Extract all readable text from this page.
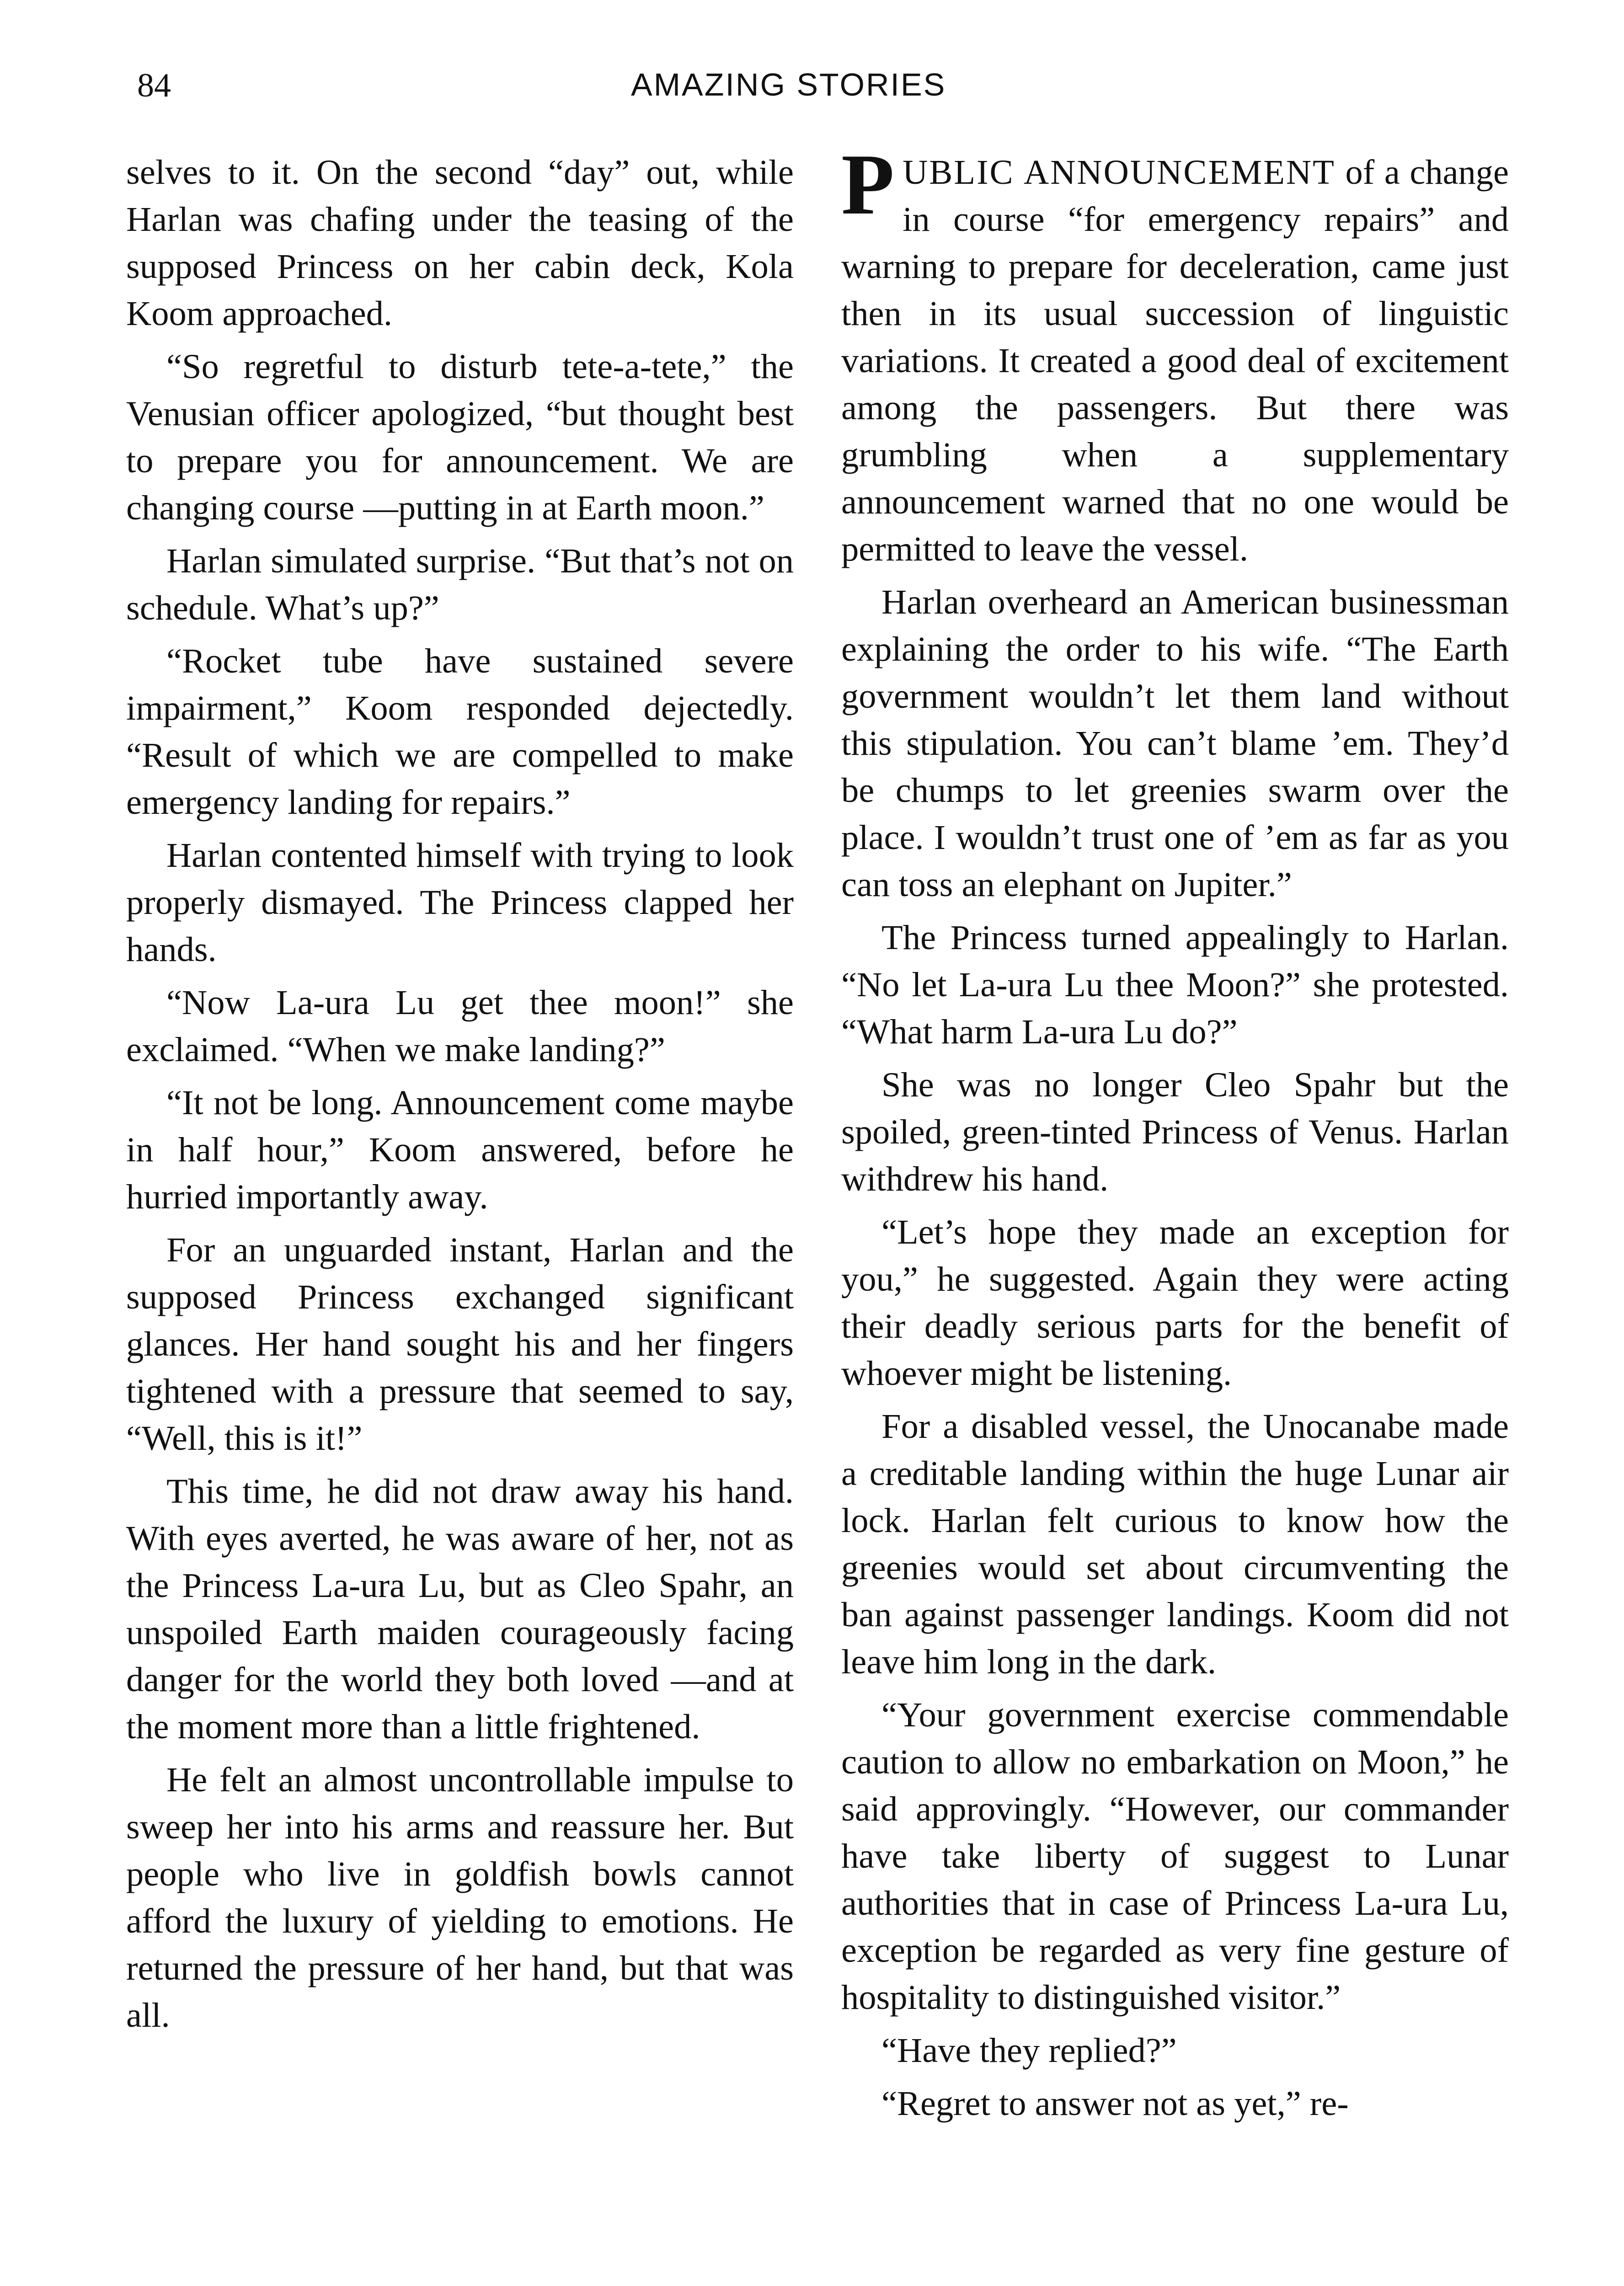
84	AMAZING STORIES

selves to it. On the second “day” out, while Harlan was chafing under the teasing of the supposed Princess on her cabin deck, Kola Koom approached.

“So regretful to disturb tete-a-tete,” the Venusian officer apologized, “but thought best to prepare you for announcement. We are changing course —putting in at Earth moon.”

Harlan simulated surprise. “But that’s not on schedule. What’s up?”

“Rocket tube have sustained severe impairment,” Koom responded dejectedly. “Result of which we are compelled to make emergency landing for repairs.”

Harlan contented himself with trying to look properly dismayed. The Princess clapped her hands.

“Now La-ura Lu get thee moon!” she exclaimed. “When we make landing?”

“It not be long. Announcement come maybe in half hour,” Koom answered, before he hurried importantly away.

For an unguarded instant, Harlan and the supposed Princess exchanged significant glances. Her hand sought his and her fingers tightened with a pressure that seemed to say, “Well, this is it!”

This time, he did not draw away his hand. With eyes averted, he was aware of her, not as the Princess La-ura Lu, but as Cleo Spahr, an unspoiled Earth maiden courageously facing danger for the world they both loved —and at the moment more than a little frightened.

He felt an almost uncontrollable impulse to sweep her into his arms and reassure her. But people who live in goldfish bowls cannot afford the luxury of yielding to emotions. He returned the pressure of her hand, but that was all.

PUBLIC ANNOUNCEMENT of a change in course “for emergency repairs” and warning to prepare for deceleration, came just then in its usual succession of linguistic variations. It created a good deal of excitement among the passengers. But there was grumbling when a supplementary announcement warned that no one would be permitted to leave the vessel.

Harlan overheard an American businessman explaining the order to his wife. “The Earth government wouldn’t let them land without this stipulation. You can’t blame ’em. They’d be chumps to let greenies swarm over the place. I wouldn’t trust one of ’em as far as you can toss an elephant on Jupiter.”

The Princess turned appealingly to Harlan. “No let La-ura Lu thee Moon?” she protested. “What harm La-ura Lu do?”

She was no longer Cleo Spahr but the spoiled, green-tinted Princess of Venus. Harlan withdrew his hand.

“Let’s hope they made an exception for you,” he suggested. Again they were acting their deadly serious parts for the benefit of whoever might be listening.

For a disabled vessel, the Unocanabe made a creditable landing within the huge Lunar air lock. Harlan felt curious to know how the greenies would set about circumventing the ban against passenger landings. Koom did not leave him long in the dark.

“Your government exercise commendable caution to allow no embarkation on Moon,” he said approvingly. “However, our commander have take liberty of suggest to Lunar authorities that in case of Princess La-ura Lu, exception be regarded as very fine gesture of hospitality to distinguished visitor.”

“Have they replied?”

“Regret to answer not as yet,” re-
